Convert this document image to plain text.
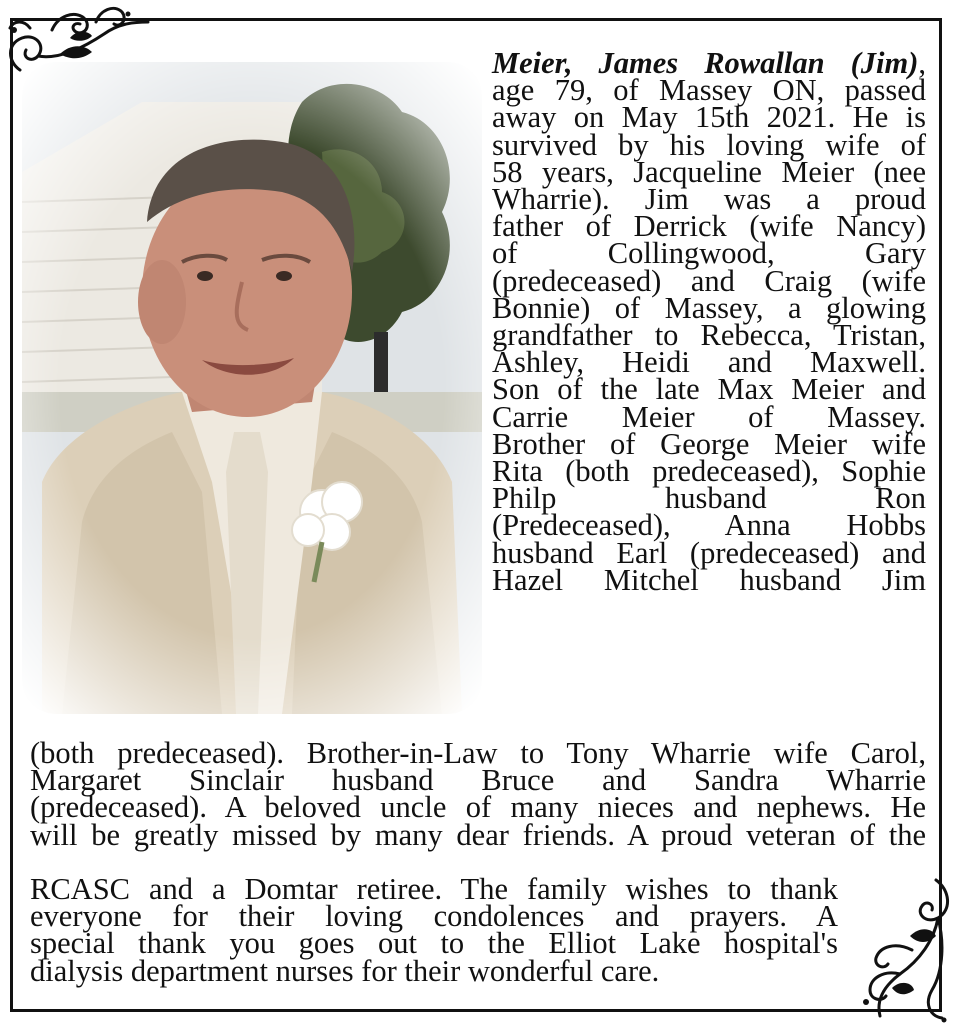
Meier, James Rowallan (Jim),
age 79, of Massey ON, passed
away on May 15th 2021. He is
survived by his loving wife of
58 years, Jacqueline Meier (nee
Wharrie). Jim was a proud
father of Derrick (wife Nancy)
of Collingwood, Gary
(predeceased) and Craig (wife
Bonnie) of Massey, a glowing
grandfather to Rebecca, Tristan,
Ashley, Heidi and Maxwell.
Son of the late Max Meier and
Carrie Meier of Massey.
Brother of George Meier wife
Rita (both predeceased), Sophie
Philp husband Ron
(Predeceased), Anna Hobbs
husband Earl (predeceased) and
Hazel Mitchel husband Jim
(both predeceased). Brother-in-Law to Tony Wharrie wife Carol,
Margaret Sinclair husband Bruce and Sandra Wharrie
(predeceased). A beloved uncle of many nieces and nephews. He
will be greatly missed by many dear friends. A proud veteran of the
RCASC and a Domtar retiree. The family wishes to thank
everyone for their loving condolences and prayers. A
special thank you goes out to the Elliot Lake hospital's
dialysis department nurses for their wonderful care.
